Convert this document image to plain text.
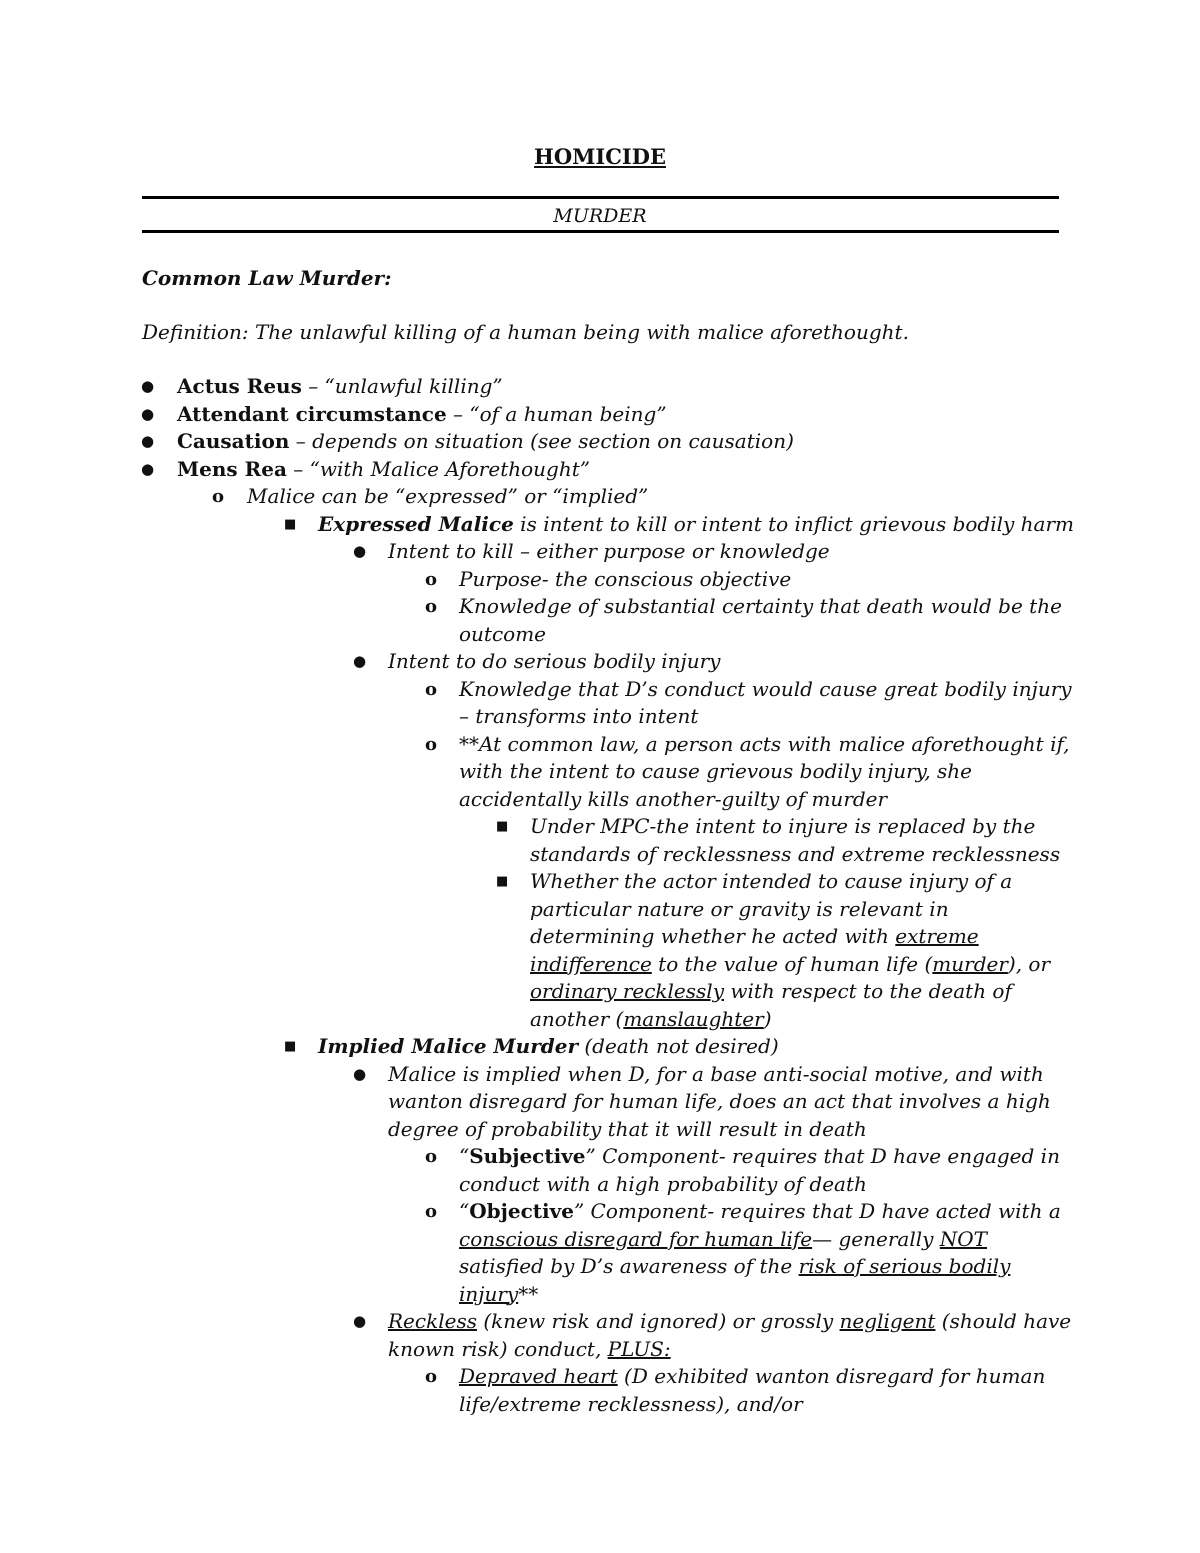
HOMICIDE
MURDER
Common Law Murder:
Definition: The unlawful killing of a human being with malice aforethought.
● Actus Reus – “unlawful killing”
● Attendant circumstance – “of a human being”
● Causation – depends on situation (see section on causation)
● Mens Rea – “with Malice Aforethought”
o Malice can be “expressed” or “implied”
■ Expressed Malice is intent to kill or intent to inflict grievous bodily harm
● Intent to kill – either purpose or knowledge
o Purpose- the conscious objective
o Knowledge of substantial certainty that death would be the outcome
● Intent to do serious bodily injury
o Knowledge that D’s conduct would cause great bodily injury – transforms into intent
o **At common law, a person acts with malice aforethought if, with the intent to cause grievous bodily injury, she accidentally kills another-guilty of murder
■ Under MPC-the intent to injure is replaced by the standards of recklessness and extreme recklessness
■ Whether the actor intended to cause injury of a particular nature or gravity is relevant in determining whether he acted with extreme indifference to the value of human life (murder), or ordinary recklessly with respect to the death of another (manslaughter)
■ Implied Malice Murder (death not desired)
● Malice is implied when D, for a base anti-social motive, and with wanton disregard for human life, does an act that involves a high degree of probability that it will result in death
o “Subjective” Component- requires that D have engaged in conduct with a high probability of death
o “Objective” Component- requires that D have acted with a conscious disregard for human life— generally NOT satisfied by D’s awareness of the risk of serious bodily injury**
● Reckless (knew risk and ignored) or grossly negligent (should have known risk) conduct, PLUS:
o Depraved heart (D exhibited wanton disregard for human life/extreme recklessness), and/or
